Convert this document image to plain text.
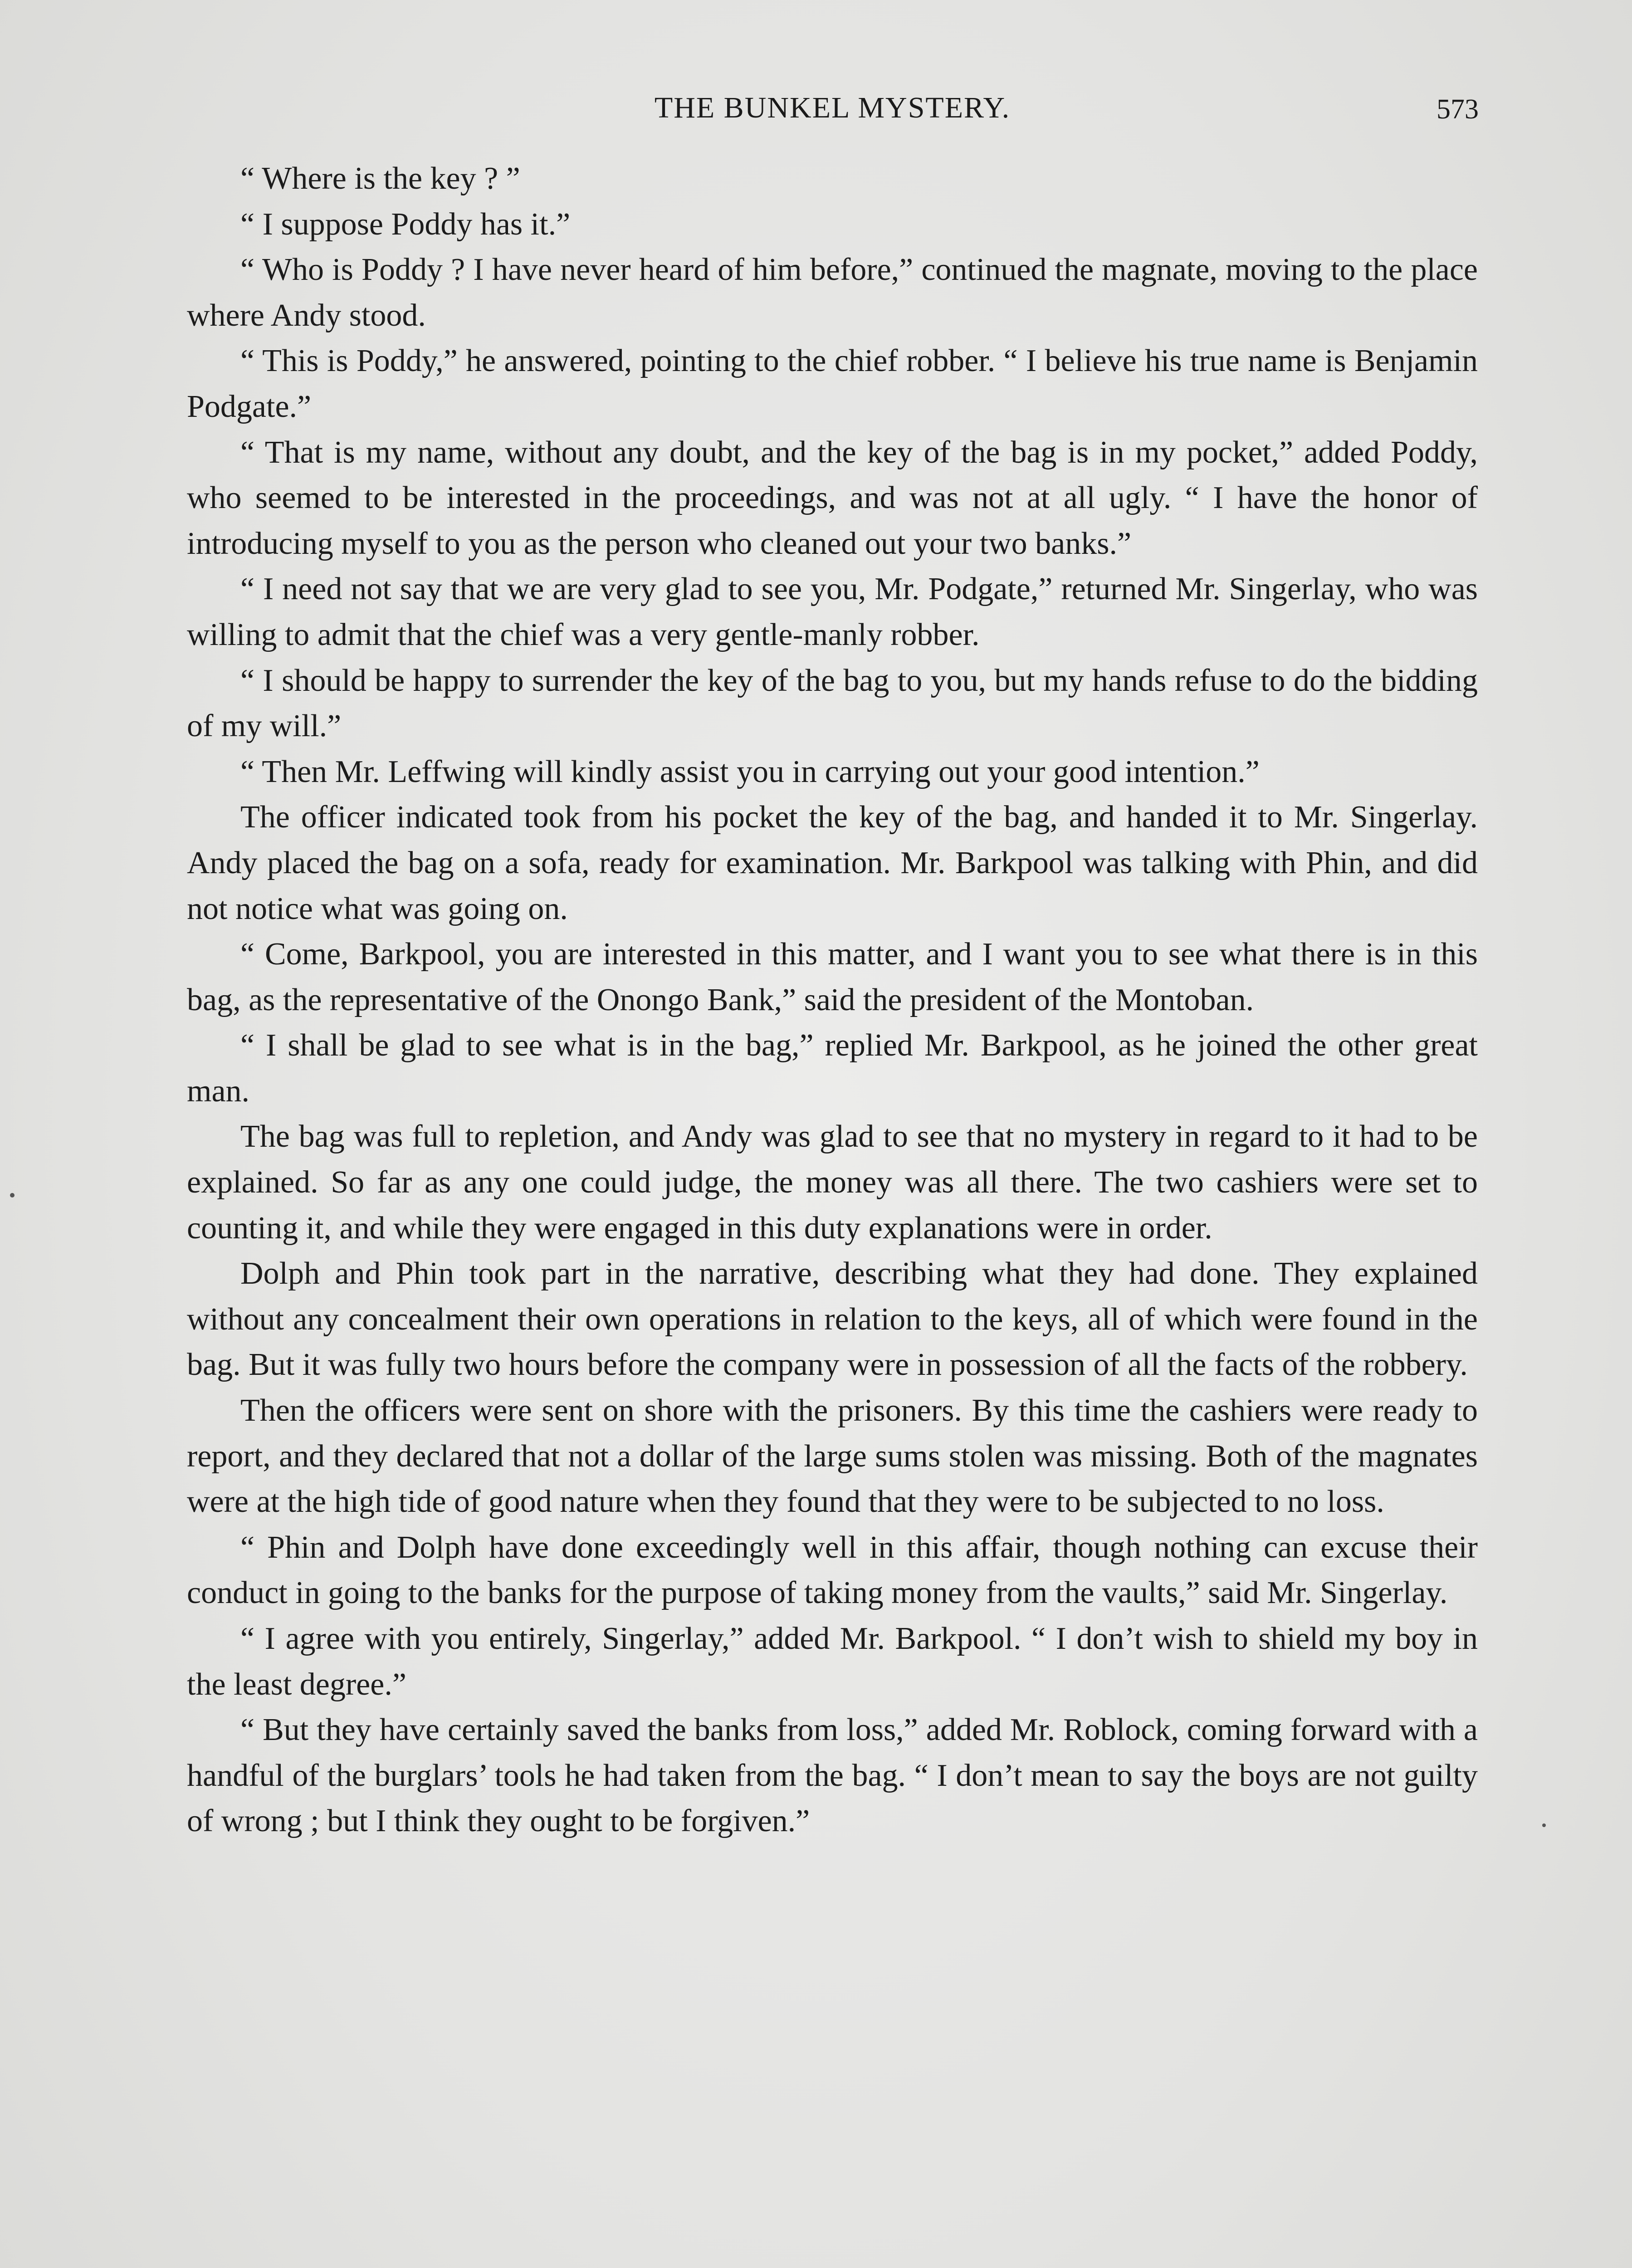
THE BUNKEL MYSTERY.	573

“ Where is the key ? ”

“ I suppose Poddy has it.”

“ Who is Poddy ? I have never heard of him before,” continued the magnate, moving to the place where Andy stood.

“ This is Poddy,” he answered, pointing to the chief robber. “ I believe his true name is Benjamin Podgate.”

“ That is my name, without any doubt, and the key of the bag is in my pocket,” added Poddy, who seemed to be interested in the proceedings, and was not at all ugly. “ I have the honor of introducing myself to you as the person who cleaned out your two banks.”

“ I need not say that we are very glad to see you, Mr. Podgate,” returned Mr. Singerlay, who was willing to admit that the chief was a very gentle-manly robber.

“ I should be happy to surrender the key of the bag to you, but my hands refuse to do the bidding of my will.”

“ Then Mr. Leffwing will kindly assist you in carrying out your good intention.”

The officer indicated took from his pocket the key of the bag, and handed it to Mr. Singerlay. Andy placed the bag on a sofa, ready for examination. Mr. Barkpool was talking with Phin, and did not notice what was going on.

“ Come, Barkpool, you are interested in this matter, and I want you to see what there is in this bag, as the representative of the Onongo Bank,” said the president of the Montoban.

“ I shall be glad to see what is in the bag,” replied Mr. Barkpool, as he joined the other great man.

The bag was full to repletion, and Andy was glad to see that no mystery in regard to it had to be explained. So far as any one could judge, the money was all there. The two cashiers were set to counting it, and while they were engaged in this duty explanations were in order.

Dolph and Phin took part in the narrative, describing what they had done. They explained without any concealment their own operations in relation to the keys, all of which were found in the bag. But it was fully two hours before the company were in possession of all the facts of the robbery.

Then the officers were sent on shore with the prisoners. By this time the cashiers were ready to report, and they declared that not a dollar of the large sums stolen was missing. Both of the magnates were at the high tide of good nature when they found that they were to be subjected to no loss.

“ Phin and Dolph have done exceedingly well in this affair, though nothing can excuse their conduct in going to the banks for the purpose of taking money from the vaults,” said Mr. Singerlay.

“ I agree with you entirely, Singerlay,” added Mr. Barkpool. “ I don’t wish to shield my boy in the least degree.”

“ But they have certainly saved the banks from loss,” added Mr. Roblock, coming forward with a handful of the burglars’ tools he had taken from the bag. “ I don’t mean to say the boys are not guilty of wrong ; but I think they ought to be forgiven.”
